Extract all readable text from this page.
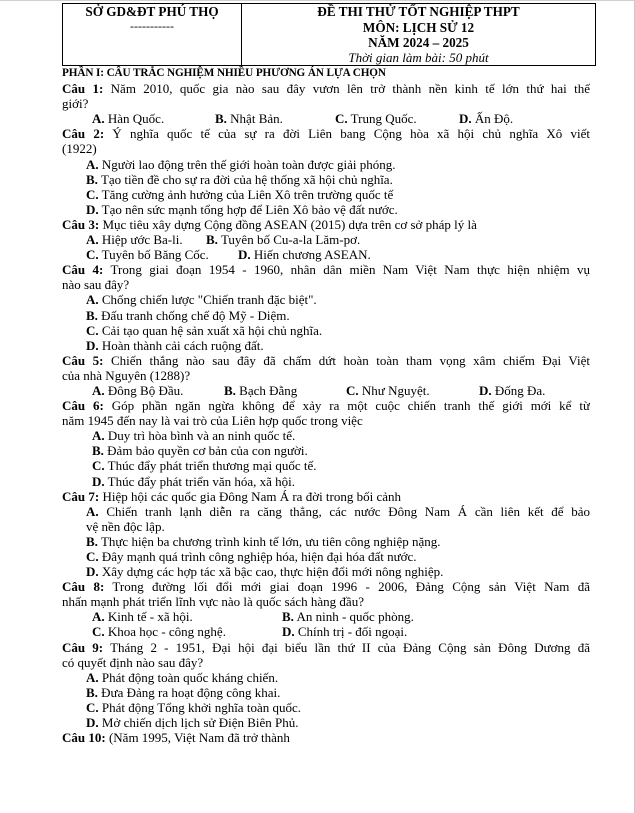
SỞ GD&ĐT PHÚ THỌ
-----------

ĐỀ THI THỬ TỐT NGHIỆP THPT
MÔN: LỊCH SỬ 12
NĂM 2024 – 2025
Thời gian làm bài: 50 phút
PHẦN I: CÂU TRẮC NGHIỆM NHIỀU PHƯƠNG ÁN LỰA CHỌN
Câu 1: Năm 2010, quốc gia nào sau đây vươn lên trở thành nền kinh tế lớn thứ hai thế
giới?
A. Hàn Quốc.	B. Nhật Bản.	C. Trung Quốc.	D. Ấn Độ.
Câu 2: Ý nghĩa quốc tế của sự ra đời Liên bang Cộng hòa xã hội chủ nghĩa Xô viết
(1922)
A. Người lao động trên thế giới hoàn toàn được giải phóng.
B. Tạo tiền đề cho sự ra đời của hệ thống xã hội chủ nghĩa.
C. Tăng cường ảnh hưởng của Liên Xô trên trường quốc tế
D. Tạo nên sức mạnh tổng hợp để Liên Xô bảo vệ đất nước.
Câu 3: Mục tiêu xây dựng Cộng đồng ASEAN (2015) dựa trên cơ sở pháp lý là
A. Hiệp ước Ba-li.	B. Tuyên bố Cu-a-la Lăm-pơ.
C. Tuyên bố Băng Cốc.	D. Hiến chương ASEAN.
Câu 4: Trong giai đoạn 1954 - 1960, nhân dân miền Nam Việt Nam thực hiện nhiệm vụ
nào sau đây?
A. Chống chiến lược "Chiến tranh đặc biệt".
B. Đấu tranh chống chế độ Mỹ - Diệm.
C. Cải tạo quan hệ sản xuất xã hội chủ nghĩa.
D. Hoàn thành cải cách ruộng đất.
Câu 5: Chiến thắng nào sau đây đã chấm dứt hoàn toàn tham vọng xâm chiếm Đại Việt
của nhà Nguyên (1288)?
A. Đông Bộ Đầu.	B. Bạch Đằng	C. Như Nguyệt.	D. Đống Đa.
Câu 6: Góp phần ngăn ngừa không để xảy ra một cuộc chiến tranh thế giới mới kể từ
năm 1945 đến nay là vai trò của Liên hợp quốc trong việc
A. Duy trì hòa bình và an ninh quốc tế.
B. Đảm bảo quyền cơ bản của con người.
C. Thúc đẩy phát triển thương mại quốc tế.
D. Thúc đẩy phát triển văn hóa, xã hội.
Câu 7: Hiệp hội các quốc gia Đông Nam Á ra đời trong bối cảnh
A. Chiến tranh lạnh diễn ra căng thẳng, các nước Đông Nam Á cần liên kết để bảo
vệ nền độc lập.
B. Thực hiện ba chương trình kinh tế lớn, ưu tiên công nghiệp nặng.
C. Đây mạnh quá trình công nghiệp hóa, hiện đại hóa đất nước.
D. Xây dựng các hợp tác xã bậc cao, thực hiện đổi mới nông nghiệp.
Câu 8: Trong đường lối đổi mới giai đoạn 1996 - 2006, Đảng Cộng sản Việt Nam đã
nhấn mạnh phát triển lĩnh vực nào là quốc sách hàng đầu?
A. Kinh tế - xã hội.	B. An ninh - quốc phòng.
C. Khoa học - công nghệ.	D. Chính trị - đối ngoại.
Câu 9: Tháng 2 - 1951, Đại hội đại biểu lần thứ II của Đảng Cộng sản Đông Dương đã
có quyết định nào sau đây?
A. Phát động toàn quốc kháng chiến.
B. Đưa Đảng ra hoạt động công khai.
C. Phát động Tổng khởi nghĩa toàn quốc.
D. Mở chiến dịch lịch sử Điện Biên Phủ.
Câu 10: (Năm 1995, Việt Nam đã trở thành
